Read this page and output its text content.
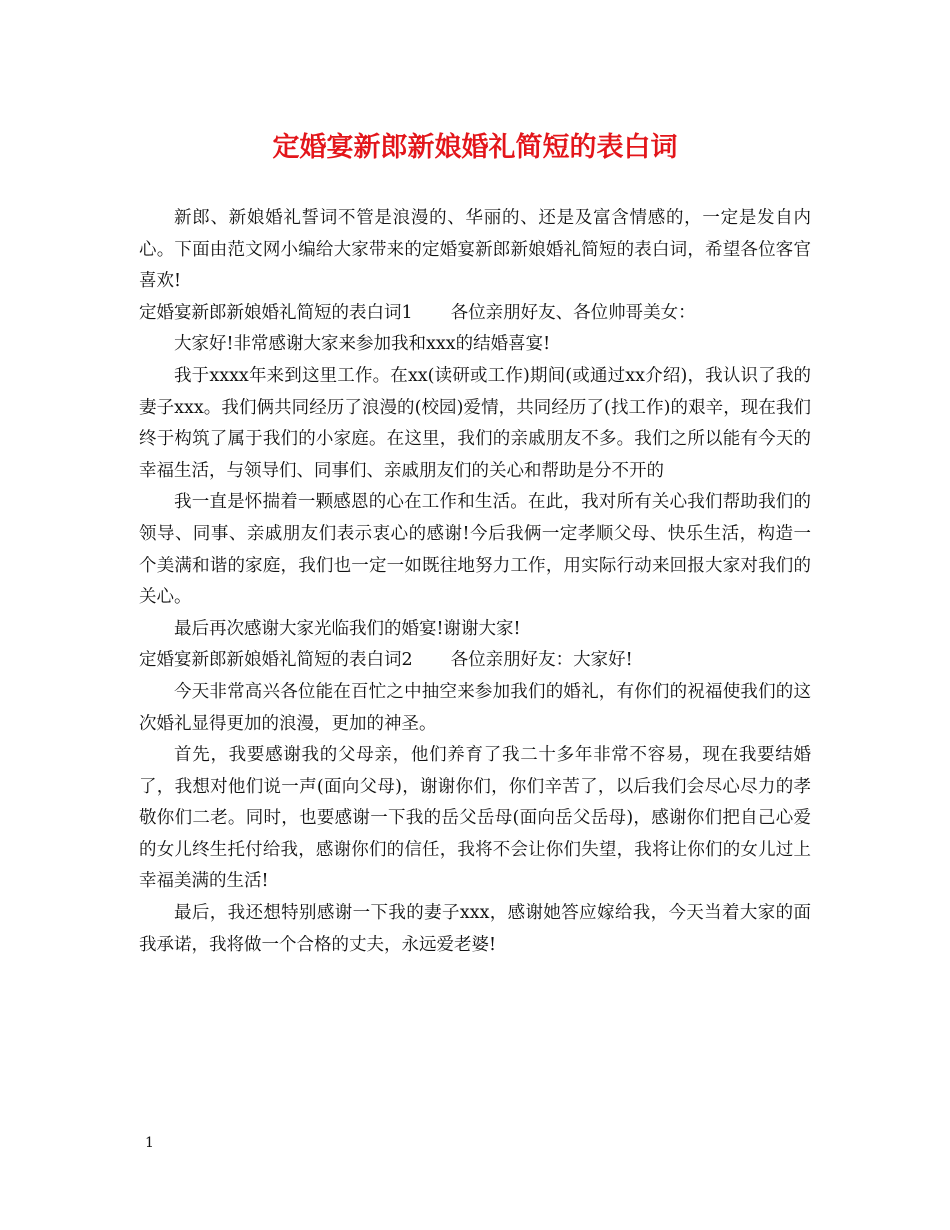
定婚宴新郎新娘婚礼简短的表白词

新郎、新娘婚礼誓词不管是浪漫的、华丽的、还是及富含情感的，一定是发自内心。下面由范文网小编给大家带来的定婚宴新郎新娘婚礼简短的表白词，希望各位客官喜欢!

定婚宴新郎新娘婚礼简短的表白词1 各位亲朋好友、各位帅哥美女：

大家好!非常感谢大家来参加我和xxx的结婚喜宴!

我于xxxx年来到这里工作。在xx(读研或工作)期间(或通过xx介绍)，我认识了我的妻子xxx。我们俩共同经历了浪漫的(校园)爱情，共同经历了(找工作)的艰辛，现在我们终于构筑了属于我们的小家庭。在这里，我们的亲戚朋友不多。我们之所以能有今天的幸福生活，与领导们、同事们、亲戚朋友们的关心和帮助是分不开的

我一直是怀揣着一颗感恩的心在工作和生活。在此，我对所有关心我们帮助我们的领导、同事、亲戚朋友们表示衷心的感谢!今后我俩一定孝顺父母、快乐生活，构造一个美满和谐的家庭，我们也一定一如既往地努力工作，用实际行动来回报大家对我们的关心。

最后再次感谢大家光临我们的婚宴!谢谢大家!

定婚宴新郎新娘婚礼简短的表白词2 各位亲朋好友：大家好!

今天非常高兴各位能在百忙之中抽空来参加我们的婚礼，有你们的祝福使我们的这次婚礼显得更加的浪漫，更加的神圣。

首先，我要感谢我的父母亲，他们养育了我二十多年非常不容易，现在我要结婚了，我想对他们说一声(面向父母)，谢谢你们，你们辛苦了，以后我们会尽心尽力的孝敬你们二老。同时，也要感谢一下我的岳父岳母(面向岳父岳母)，感谢你们把自己心爱的女儿终生托付给我，感谢你们的信任，我将不会让你们失望，我将让你们的女儿过上幸福美满的生活!

最后，我还想特别感谢一下我的妻子xxx，感谢她答应嫁给我，今天当着大家的面我承诺，我将做一个合格的丈夫，永远爱老婆!

1
